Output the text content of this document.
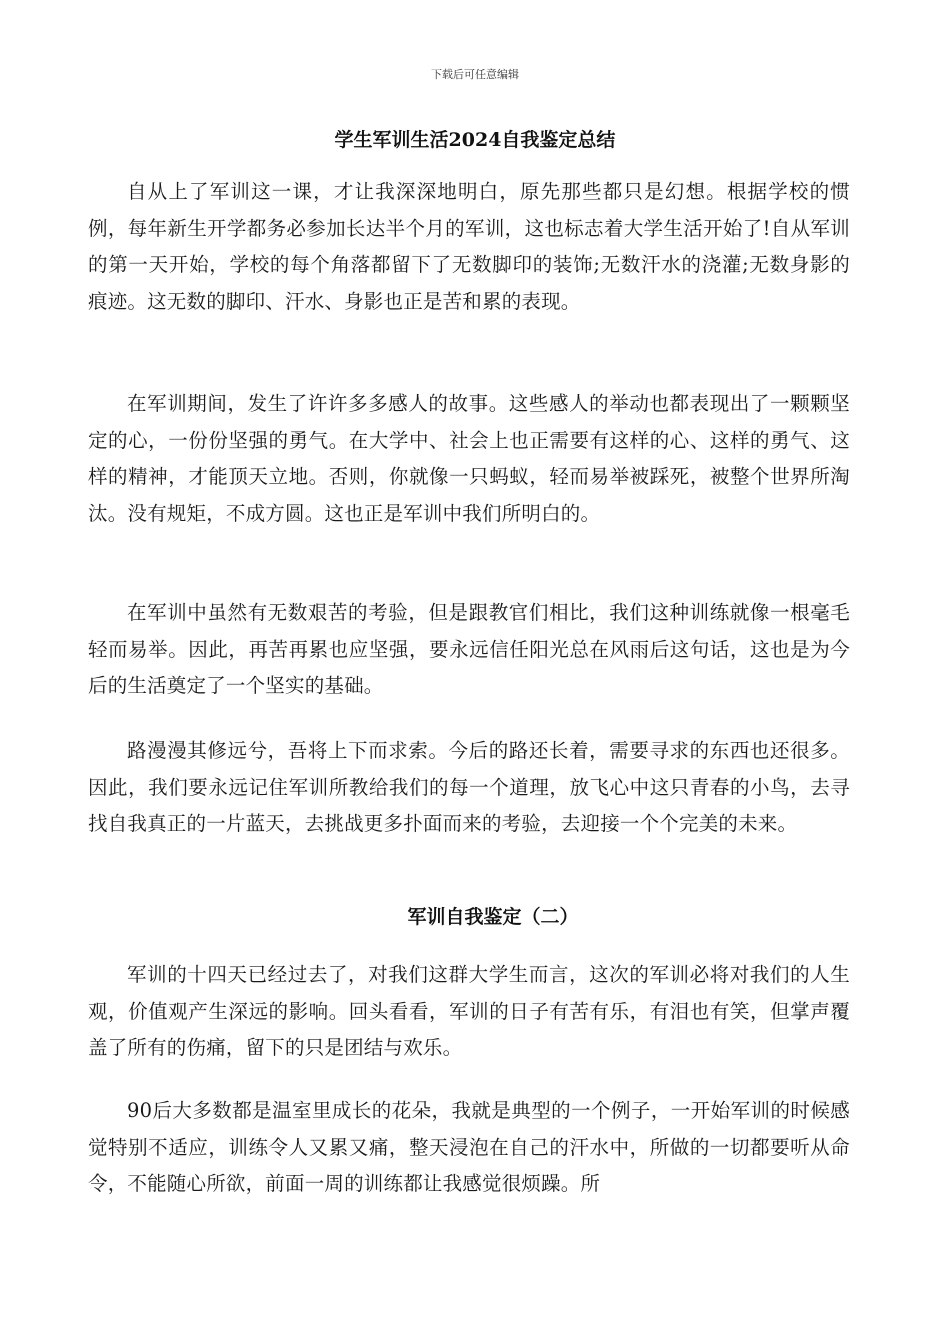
下载后可任意编辑
学生军训生活2024自我鉴定总结

自从上了军训这一课，才让我深深地明白，原先那些都只是幻想。根据学校的惯例，每年新生开学都务必参加长达半个月的军训，这也标志着大学生活开始了!自从军训的第一天开始，学校的每个角落都留下了无数脚印的装饰;无数汗水的浇灌;无数身影的痕迹。这无数的脚印、汗水、身影也正是苦和累的表现。

在军训期间，发生了许许多多感人的故事。这些感人的举动也都表现出了一颗颗坚定的心，一份份坚强的勇气。在大学中、社会上也正需要有这样的心、这样的勇气、这样的精神，才能顶天立地。否则，你就像一只蚂蚁，轻而易举被踩死，被整个世界所淘汰。没有规矩，不成方圆。这也正是军训中我们所明白的。

在军训中虽然有无数艰苦的考验，但是跟教官们相比，我们这种训练就像一根毫毛轻而易举。因此，再苦再累也应坚强，要永远信任阳光总在风雨后这句话，这也是为今后的生活奠定了一个坚实的基础。

路漫漫其修远兮，吾将上下而求索。今后的路还长着，需要寻求的东西也还很多。因此，我们要永远记住军训所教给我们的每一个道理，放飞心中这只青春的小鸟，去寻找自我真正的一片蓝天，去挑战更多扑面而来的考验，去迎接一个个完美的未来。

军训自我鉴定（二）

军训的十四天已经过去了，对我们这群大学生而言，这次的军训必将对我们的人生观，价值观产生深远的影响。回头看看，军训的日子有苦有乐，有泪也有笑，但掌声覆盖了所有的伤痛，留下的只是团结与欢乐。

90后大多数都是温室里成长的花朵，我就是典型的一个例子，一开始军训的时候感觉特别不适应，训练令人又累又痛，整天浸泡在自己的汗水中，所做的一切都要听从命令，不能随心所欲，前面一周的训练都让我感觉很烦躁。所
